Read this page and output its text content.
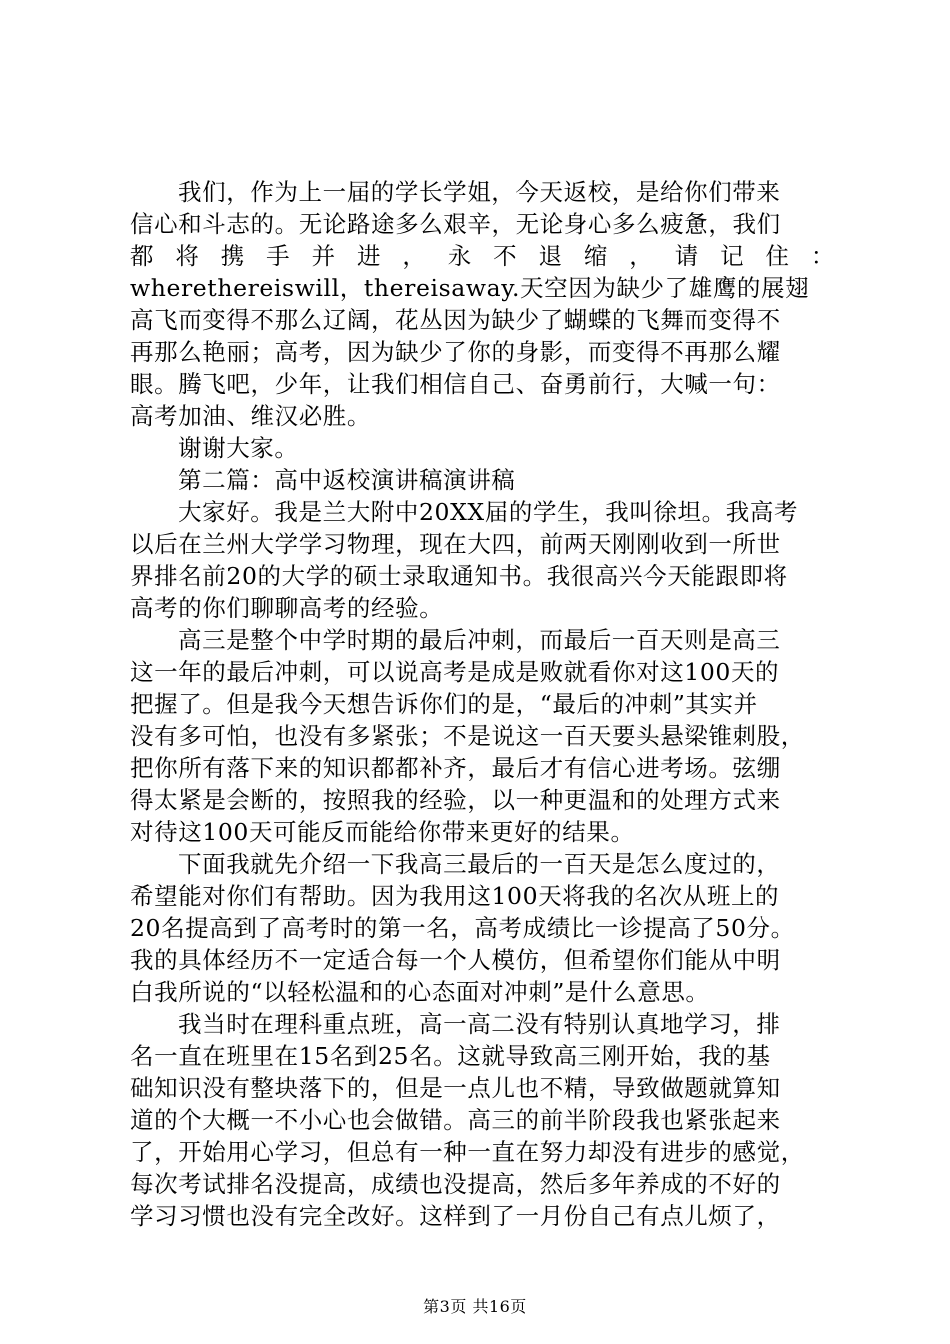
我们，作为上一届的学长学姐，今天返校，是给你们带来
信心和斗志的。无论路途多么艰辛，无论身心多么疲惫，我们
都 将 携 手 并 进 ， 永 不 退 缩 ， 请 记 住 ：
wherethereiswill，thereisaway.天空因为缺少了雄鹰的展翅
高飞而变得不那么辽阔，花丛因为缺少了蝴蝶的飞舞而变得不
再那么艳丽；高考，因为缺少了你的身影，而变得不再那么耀
眼。腾飞吧，少年，让我们相信自己、奋勇前行，大喊一句：
高考加油、维汉必胜。
谢谢大家。
第二篇：高中返校演讲稿演讲稿
大家好。我是兰大附中20XX届的学生，我叫徐坦。我高考
以后在兰州大学学习物理，现在大四，前两天刚刚收到一所世
界排名前20的大学的硕士录取通知书。我很高兴今天能跟即将
高考的你们聊聊高考的经验。
高三是整个中学时期的最后冲刺，而最后一百天则是高三
这一年的最后冲刺，可以说高考是成是败就看你对这100天的
把握了。但是我今天想告诉你们的是，“最后的冲刺”其实并
没有多可怕，也没有多紧张；不是说这一百天要头悬梁锥刺股，
把你所有落下来的知识都都补齐，最后才有信心进考场。弦绷
得太紧是会断的，按照我的经验，以一种更温和的处理方式来
对待这100天可能反而能给你带来更好的结果。
下面我就先介绍一下我高三最后的一百天是怎么度过的，
希望能对你们有帮助。因为我用这100天将我的名次从班上的
20名提高到了高考时的第一名，高考成绩比一诊提高了50分。
我的具体经历不一定适合每一个人模仿，但希望你们能从中明
白我所说的“以轻松温和的心态面对冲刺”是什么意思。
我当时在理科重点班，高一高二没有特别认真地学习，排
名一直在班里在15名到25名。这就导致高三刚开始，我的基
础知识没有整块落下的，但是一点儿也不精，导致做题就算知
道的个大概一不小心也会做错。高三的前半阶段我也紧张起来
了，开始用心学习，但总有一种一直在努力却没有进步的感觉，
每次考试排名没提高，成绩也没提高，然后多年养成的不好的
学习习惯也没有完全改好。这样到了一月份自己有点儿烦了，
第3页 共16页
